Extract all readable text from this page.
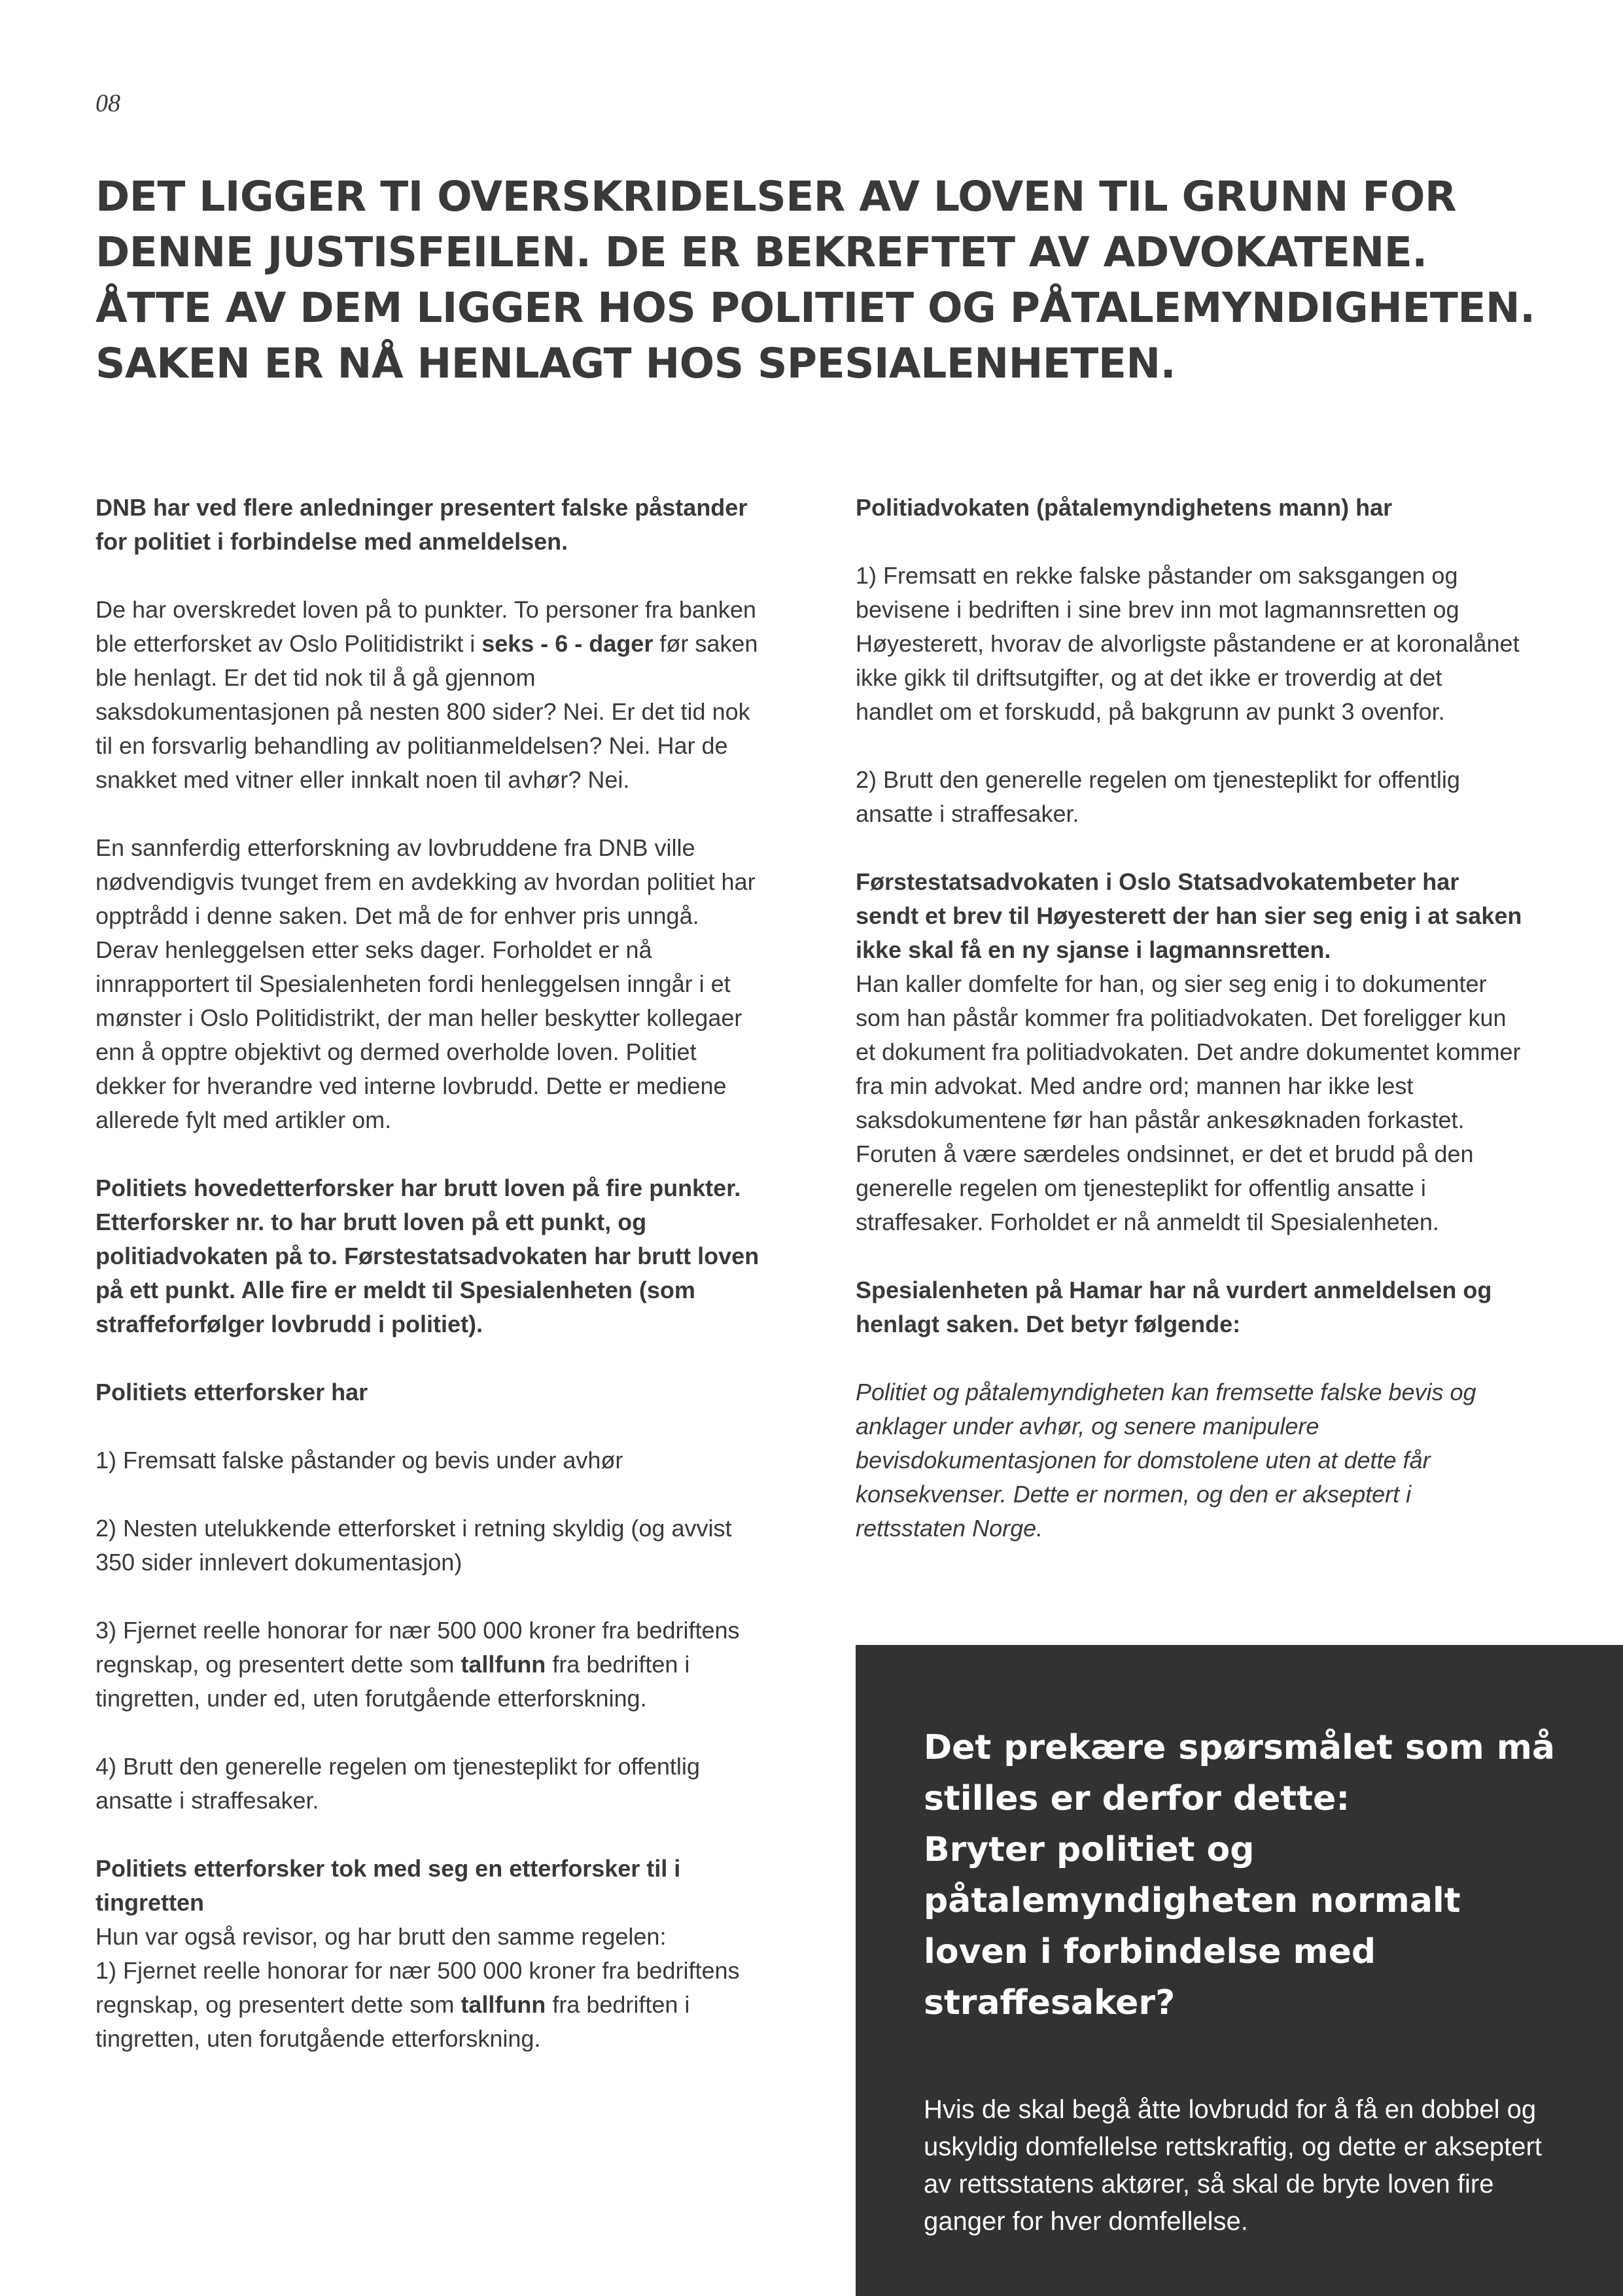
08
DET LIGGER TI OVERSKRIDELSER AV LOVEN TIL GRUNN FOR
DENNE JUSTISFEILEN. DE ER BEKREFTET AV ADVOKATENE.
ÅTTE AV DEM LIGGER HOS POLITIET OG PÅTALEMYNDIGHETEN.
SAKEN ER NÅ HENLAGT HOS SPESIALENHETEN.

DNB har ved flere anledninger presentert falske påstander for politiet i forbindelse med anmeldelsen.

De har overskredet loven på to punkter. To personer fra banken ble etterforsket av Oslo Politidistrikt i seks - 6 - dager før saken ble henlagt. Er det tid nok til å gå gjennom saksdokumentasjonen på nesten 800 sider? Nei. Er det tid nok til en forsvarlig behandling av politianmeldelsen? Nei. Har de snakket med vitner eller innkalt noen til avhør? Nei.

En sannferdig etterforskning av lovbruddene fra DNB ville nødvendigvis tvunget frem en avdekking av hvordan politiet har opptrådd i denne saken. Det må de for enhver pris unngå. Derav henleggelsen etter seks dager. Forholdet er nå innrapportert til Spesialenheten fordi henleggelsen inngår i et mønster i Oslo Politidistrikt, der man heller beskytter kollegaer enn å opptre objektivt og dermed overholde loven. Politiet dekker for hverandre ved interne lovbrudd. Dette er mediene allerede fylt med artikler om.

Politiets hovedetterforsker har brutt loven på fire punkter. Etterforsker nr. to har brutt loven på ett punkt, og politiadvokaten på to. Førstestatsadvokaten har brutt loven på ett punkt. Alle fire er meldt til Spesialenheten (som straffeforfølger lovbrudd i politiet).

Politiets etterforsker har

1) Fremsatt falske påstander og bevis under avhør

2) Nesten utelukkende etterforsket i retning skyldig (og avvist 350 sider innlevert dokumentasjon)

3) Fjernet reelle honorar for nær 500 000 kroner fra bedriftens regnskap, og presentert dette som tallfunn fra bedriften i tingretten, under ed, uten forutgående etterforskning.

4) Brutt den generelle regelen om tjenesteplikt for offentlig ansatte i straffesaker.

Politiets etterforsker tok med seg en etterforsker til i tingretten

Hun var også revisor, og har brutt den samme regelen:

1) Fjernet reelle honorar for nær 500 000 kroner fra bedriftens regnskap, og presentert dette som tallfunn fra bedriften i tingretten, uten forutgående etterforskning.

Politiadvokaten (påtalemyndighetens mann) har

1) Fremsatt en rekke falske påstander om saksgangen og bevisene i bedriften i sine brev inn mot lagmannsretten og Høyesterett, hvorav de alvorligste påstandene er at koronalånet ikke gikk til driftsutgifter, og at det ikke er troverdig at det handlet om et forskudd, på bakgrunn av punkt 3 ovenfor.

2) Brutt den generelle regelen om tjenesteplikt for offentlig ansatte i straffesaker.

Førstestatsadvokaten i Oslo Statsadvokatembeter har sendt et brev til Høyesterett der han sier seg enig i at saken ikke skal få en ny sjanse i lagmannsretten.

Han kaller domfelte for han, og sier seg enig i to dokumenter som han påstår kommer fra politiadvokaten. Det foreligger kun et dokument fra politiadvokaten. Det andre dokumentet kommer fra min advokat. Med andre ord; mannen har ikke lest saksdokumentene før han påstår ankesøknaden forkastet. Foruten å være særdeles ondsinnet, er det et brudd på den generelle regelen om tjenesteplikt for offentlig ansatte i straffesaker. Forholdet er nå anmeldt til Spesialenheten.

Spesialenheten på Hamar har nå vurdert anmeldelsen og henlagt saken. Det betyr følgende:

Politiet og påtalemyndigheten kan fremsette falske bevis og anklager under avhør, og senere manipulere bevisdokumentasjonen for domstolene uten at dette får konsekvenser. Dette er normen, og den er akseptert i rettsstaten Norge.

Det prekære spørsmålet som må
stilles er derfor dette:
Bryter politiet og påtalemyndigheten normalt loven i forbindelse med straffesaker?

Hvis de skal begå åtte lovbrudd for å få en dobbel og uskyldig domfellelse rettskraftig, og dette er akseptert av rettsstatens aktører, så skal de bryte loven fire ganger for hver domfellelse.
